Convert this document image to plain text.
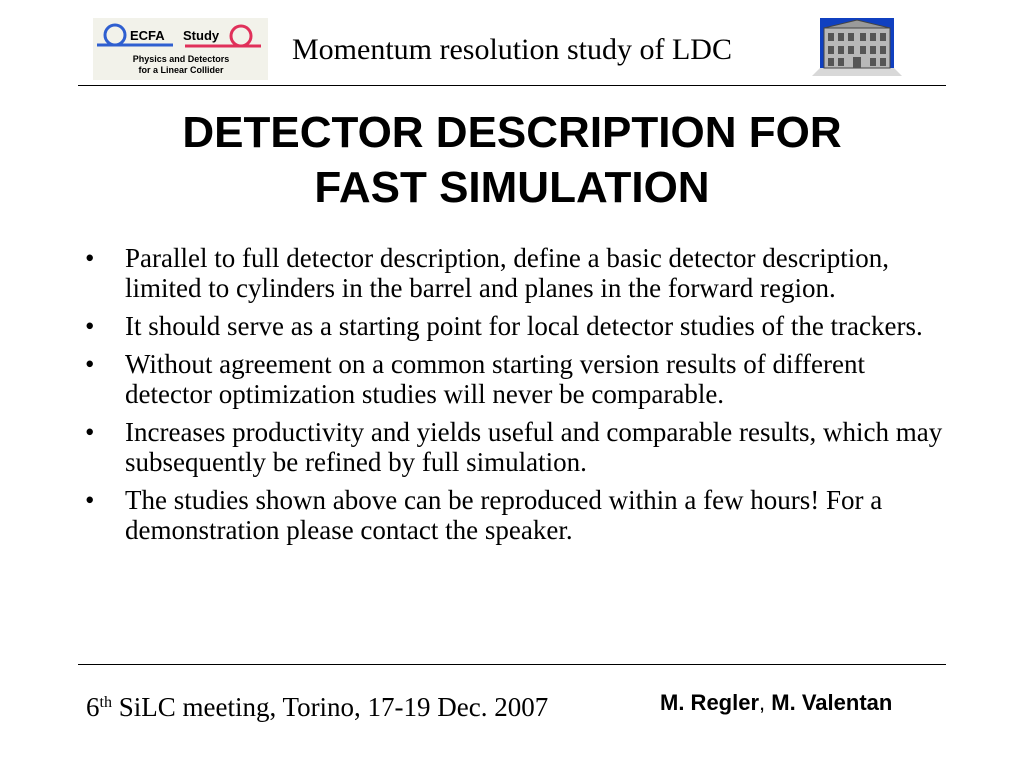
ECFA Study
Physics and Detectors
for a Linear Collider
Momentum resolution study of LDC
DETECTOR DESCRIPTION FOR
FAST SIMULATION
• Parallel to full detector description, define a basic detector description, limited to cylinders in the barrel and planes in the forward region.
• It should serve as a starting point for local detector studies of the trackers.
• Without agreement on a common starting version results of different detector optimization studies will never be comparable.
• Increases productivity and yields useful and comparable results, which may subsequently be refined by full simulation.
• The studies shown above can be reproduced within a few hours! For a demonstration please contact the speaker.
6th SiLC meeting, Torino, 17-19 Dec. 2007	M. Regler, M. Valentan
